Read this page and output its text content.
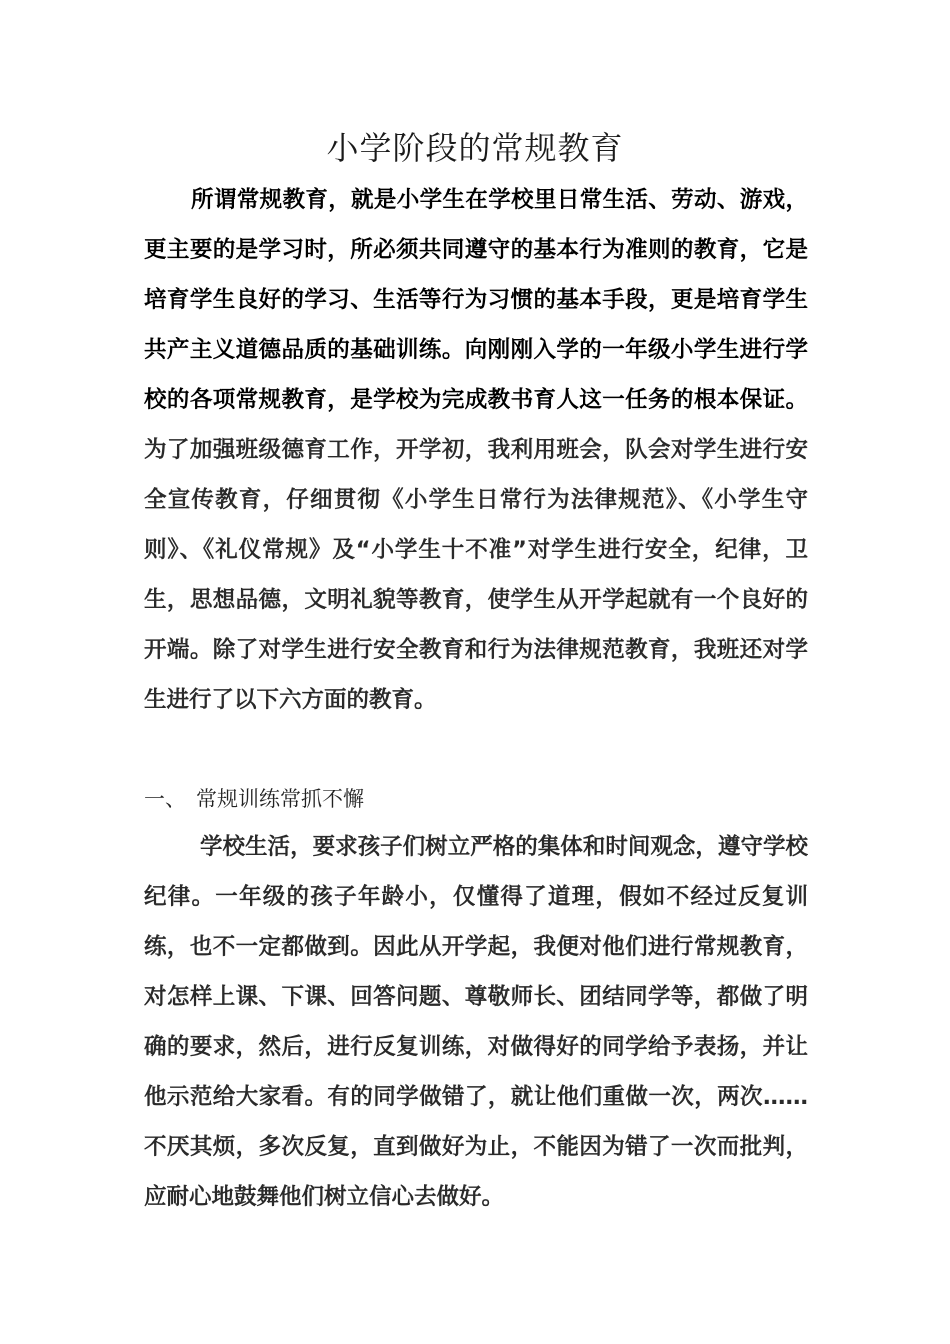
小学阶段的常规教育

所谓常规教育，就是小学生在学校里日常生活、劳动、游戏，更主要的是学习时，所必须共同遵守的基本行为准则的教育，它是培育学生良好的学习、生活等行为习惯的基本手段，更是培育学生共产主义道德品质的基础训练。向刚刚入学的一年级小学生进行学校的各项常规教育，是学校为完成教书育人这一任务的根本保证。为了加强班级德育工作，开学初，我利用班会，队会对学生进行安全宣传教育，仔细贯彻《小学生日常行为法律规范》、《小学生守则》、《礼仪常规》及“小学生十不准”对学生进行安全，纪律，卫生，思想品德，文明礼貌等教育，使学生从开学起就有一个良好的开端。除了对学生进行安全教育和行为法律规范教育，我班还对学生进行了以下六方面的教育。

一、 常规训练常抓不懈

学校生活，要求孩子们树立严格的集体和时间观念，遵守学校纪律。一年级的孩子年龄小，仅懂得了道理，假如不经过反复训练，也不一定都做到。因此从开学起，我便对他们进行常规教育，对怎样上课、下课、回答问题、尊敬师长、团结同学等，都做了明确的要求，然后，进行反复训练，对做得好的同学给予表扬，并让他示范给大家看。有的同学做错了，就让他们重做一次，两次……不厌其烦，多次反复，直到做好为止，不能因为错了一次而批判，应耐心地鼓舞他们树立信心去做好。
